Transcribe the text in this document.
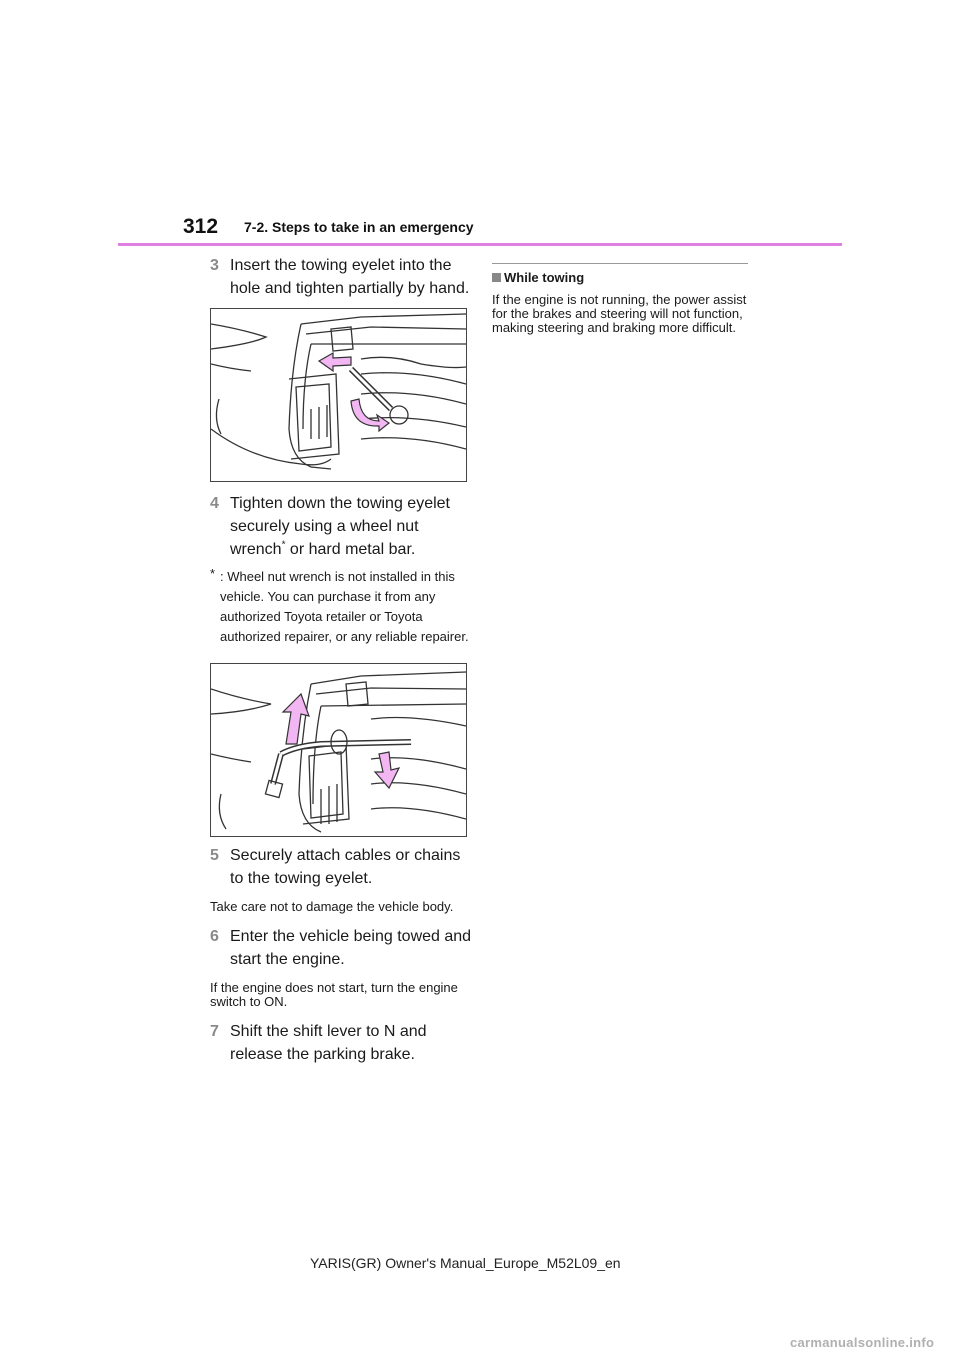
312 7-2. Steps to take in an emergency
3 Insert the towing eyelet into the hole and tighten partially by hand.
4 Tighten down the towing eyelet securely using a wheel nut wrench* or hard metal bar.
* : Wheel nut wrench is not installed in this vehicle. You can purchase it from any authorized Toyota retailer or Toyota authorized repairer, or any reliable repairer.
5 Securely attach cables or chains to the towing eyelet.
Take care not to damage the vehicle body.
6 Enter the vehicle being towed and start the engine.
If the engine does not start, turn the engine switch to ON.
7 Shift the shift lever to N and release the parking brake.
While towing
If the engine is not running, the power assist for the brakes and steering will not function, making steering and braking more difficult.
YARIS(GR) Owner's Manual_Europe_M52L09_en
carmanualsonline.info
